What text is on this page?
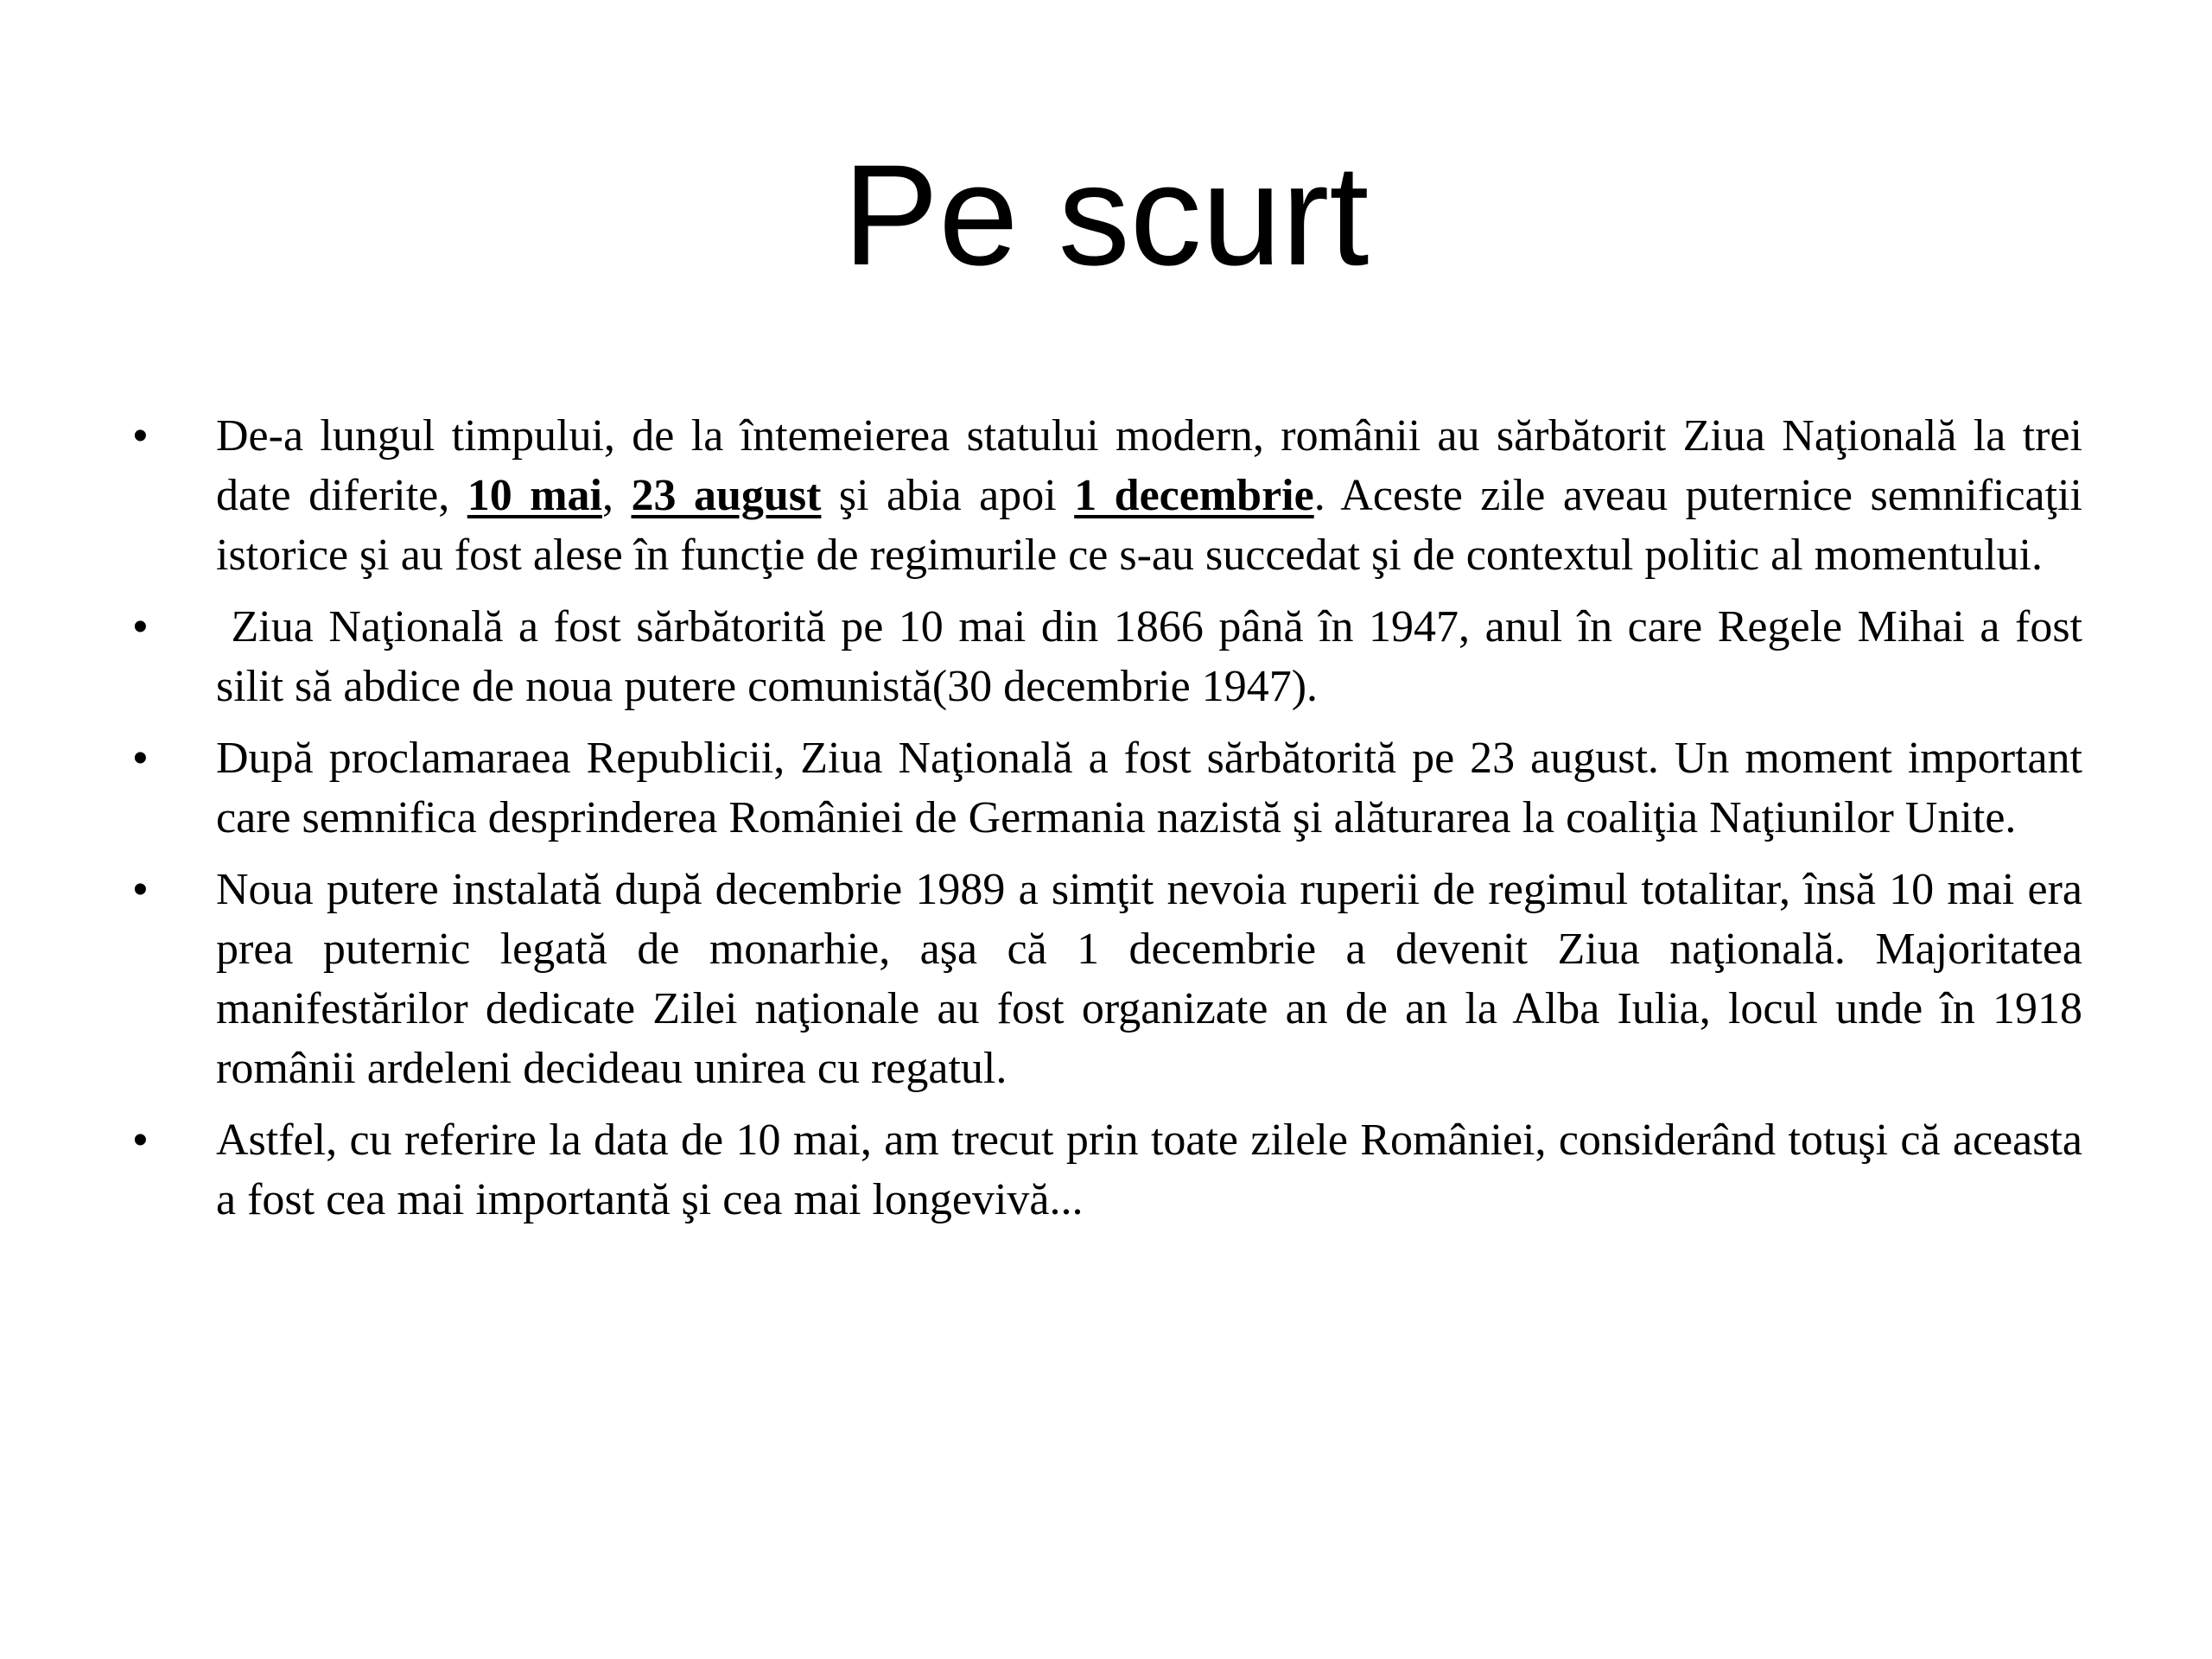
Pe scurt
• De-a lungul timpului, de la întemeierea statului modern, românii au sărbătorit Ziua Naţională la trei date diferite, 10 mai, 23 august şi abia apoi 1 decembrie. Aceste zile aveau puternice semnificaţii istorice şi au fost alese în funcţie de regimurile ce s-au succedat şi de contextul politic al momentului.
• Ziua Naţională a fost sărbătorită pe 10 mai din 1866 până în 1947, anul în care Regele Mihai a fost silit să abdice de noua putere comunistă(30 decembrie 1947).
• După proclamaraea Republicii, Ziua Naţională a fost sărbătorită pe 23 august. Un moment important care semnifica desprinderea României de Germania nazistă şi alăturarea la coaliţia Naţiunilor Unite.
• Noua putere instalată după decembrie 1989 a simţit nevoia ruperii de regimul totalitar, însă 10 mai era prea puternic legată de monarhie, aşa că 1 decembrie a devenit Ziua naţională. Majoritatea manifestărilor dedicate Zilei naţionale au fost organizate an de an la Alba Iulia, locul unde în 1918 românii ardeleni decideau unirea cu regatul.
• Astfel, cu referire la data de 10 mai, am trecut prin toate zilele României, considerând totuşi că aceasta a fost cea mai importantă şi cea mai longevivă...
